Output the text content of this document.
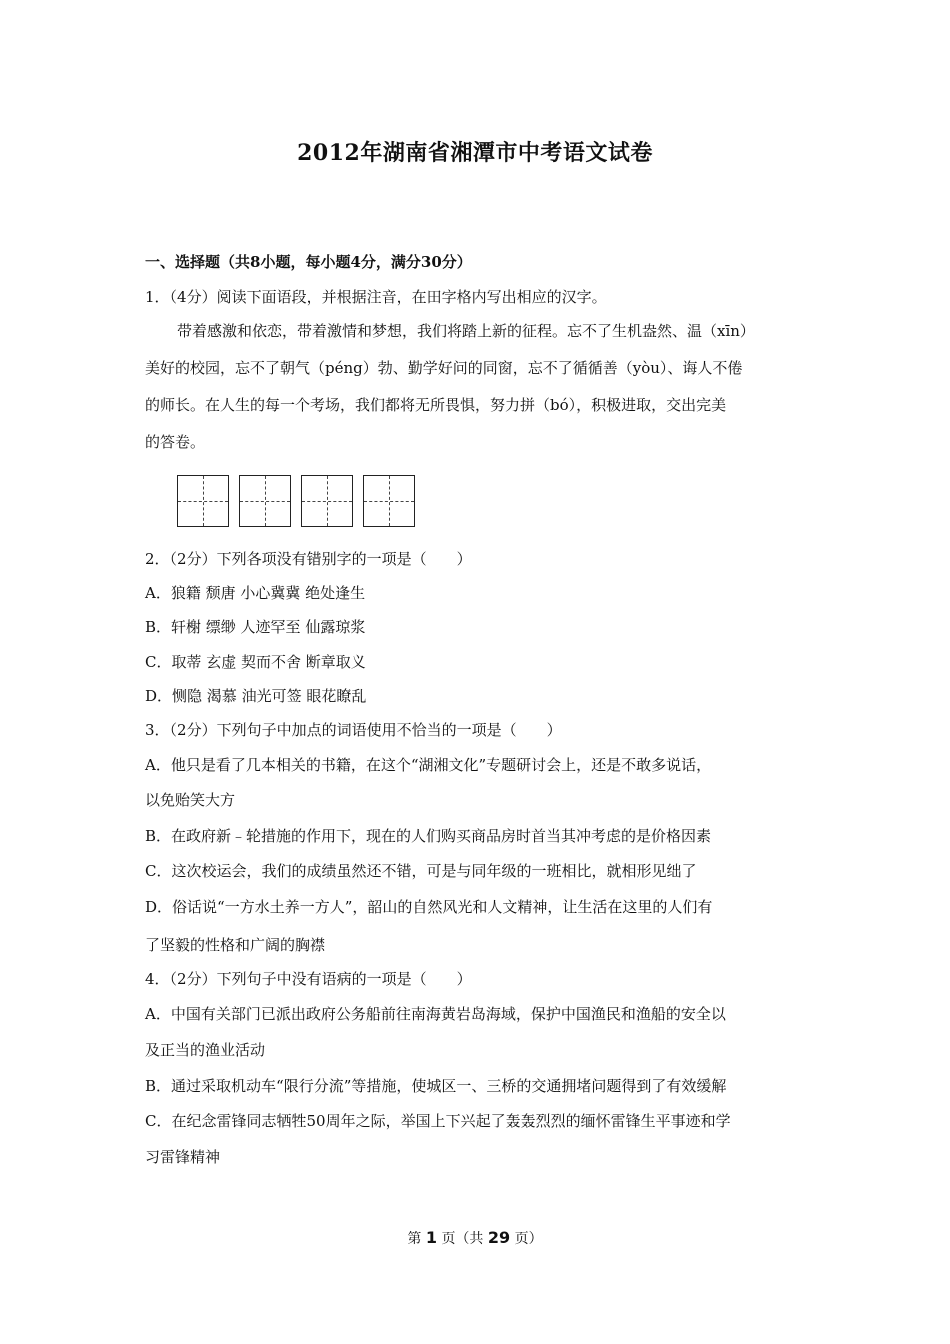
2012年湖南省湘潭市中考语文试卷
一、选择题（共8小题，每小题4分，满分30分）
1．（4分）阅读下面语段，并根据注音，在田字格内写出相应的汉字。
带着感激和依恋，带着激情和梦想，我们将踏上新的征程。忘不了生机盎然、温（xīn）
美好的校园，忘不了朝气（péng）勃、勤学好问的同窗，忘不了循循善（yòu）、诲人不倦
的师长。在人生的每一个考场，我们都将无所畏惧，努力拼（bó），积极进取，交出完美
的答卷。
2．（2分）下列各项没有错别字的一项是（　　）
A．狼籍 颓唐 小心冀冀 绝处逢生
B．轩榭 缥缈 人迹罕至 仙露琼浆
C．取蒂 玄虚 契而不舍 断章取义
D．恻隐 渴慕 油光可签 眼花瞭乱
3．（2分）下列句子中加点的词语使用不恰当的一项是（　　）
A．他只是看了几本相关的书籍，在这个“湖湘文化”专题研讨会上，还是不敢多说话，
以免贻笑大方
B．在政府新﹣轮措施的作用下，现在的人们购买商品房时首当其冲考虑的是价格因素
C．这次校运会，我们的成绩虽然还不错，可是与同年级的一班相比，就相形见绌了
D．俗话说“一方水土养一方人”，韶山的自然风光和人文精神，让生活在这里的人们有
了坚毅的性格和广阔的胸襟
4．（2分）下列句子中没有语病的一项是（　　）
A．中国有关部门已派出政府公务船前往南海黄岩岛海域，保护中国渔民和渔船的安全以
及正当的渔业活动
B．通过采取机动车“限行分流”等措施，使城区一、三桥的交通拥堵问题得到了有效缓解
C．在纪念雷锋同志牺牲50周年之际，举国上下兴起了轰轰烈烈的缅怀雷锋生平事迹和学
习雷锋精神
第 1 页（共 29 页）
